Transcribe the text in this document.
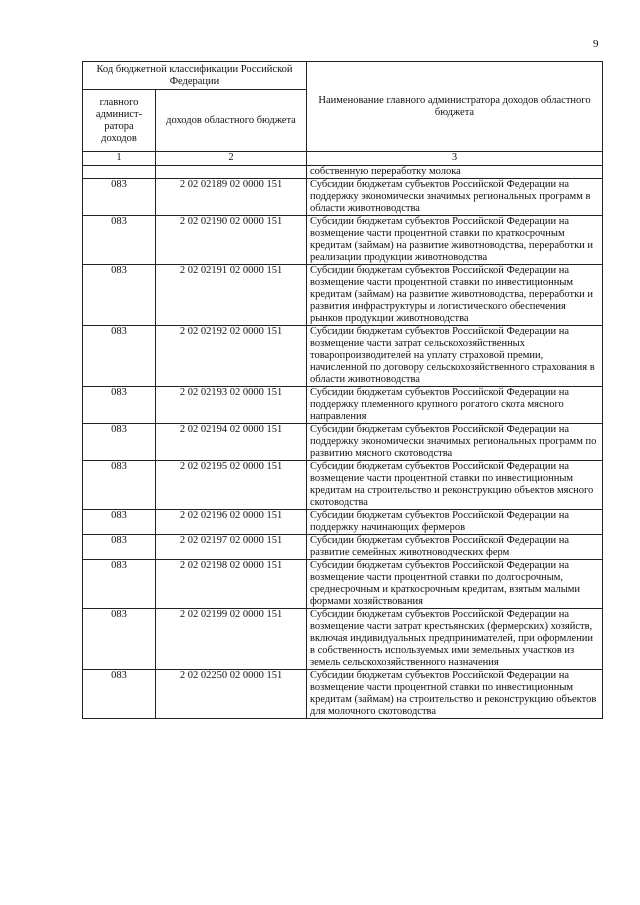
9
Код бюджетной классификации Российской Федерации		Наименование главного администратора доходов областного бюджета
главного админист-ратора доходов	доходов областного бюджета	
1	2	3
		собственную переработку молока
083	2 02 02189 02 0000 151	Субсидии бюджетам субъектов Российской Федерации на поддержку экономически значимых региональных программ в области животноводства
083	2 02 02190 02 0000 151	Субсидии бюджетам субъектов Российской Федерации на возмещение части процентной ставки по краткосрочным кредитам (займам) на развитие животноводства, переработки и реализации продукции животноводства
083	2 02 02191 02 0000 151	Субсидии бюджетам субъектов Российской Федерации на возмещение части процентной ставки по инвестиционным кредитам (займам) на развитие животноводства, переработки и развития инфраструктуры и логистического обеспечения рынков продукции животноводства
083	2 02 02192 02 0000 151	Субсидии бюджетам субъектов Российской Федерации на возмещение части затрат сельскохозяйственных товаропроизводителей на уплату страховой премии, начисленной по договору сельскохозяйственного страхования в области животноводства
083	2 02 02193 02 0000 151	Субсидии бюджетам субъектов Российской Федерации на поддержку племенного крупного рогатого скота мясного направления
083	2 02 02194 02 0000 151	Субсидии бюджетам субъектов Российской Федерации на поддержку экономически значимых региональных программ по развитию мясного скотоводства
083	2 02 02195 02 0000 151	Субсидии бюджетам субъектов Российской Федерации на возмещение части процентной ставки по инвестиционным кредитам на строительство и реконструкцию объектов мясного скотоводства
083	2 02 02196 02 0000 151	Субсидии бюджетам субъектов Российской Федерации на поддержку начинающих фермеров
083	2 02 02197 02 0000 151	Субсидии бюджетам субъектов Российской Федерации на развитие семейных животноводческих ферм
083	2 02 02198 02 0000 151	Субсидии бюджетам субъектов Российской Федерации на возмещение части процентной ставки по долгосрочным, среднесрочным и краткосрочным кредитам, взятым малыми формами хозяйствования
083	2 02 02199 02 0000 151	Субсидии бюджетам субъектов Российской Федерации на возмещение части затрат крестьянских (фермерских) хозяйств, включая индивидуальных предпринимателей, при оформлении в собственность используемых ими земельных участков из земель сельскохозяйственного назначения
083	2 02 02250 02 0000 151	Субсидии бюджетам субъектов Российской Федерации на возмещение части процентной ставки по инвестиционным кредитам (займам) на строительство и реконструкцию объектов для молочного скотоводства
